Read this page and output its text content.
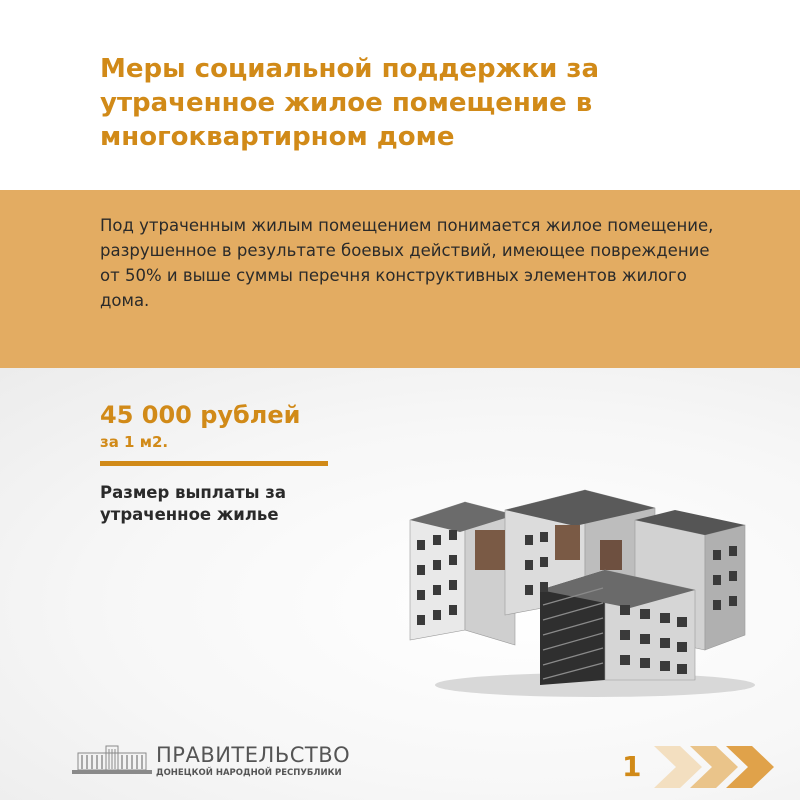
Меры социальной поддержки за утраченное жилое помещение в многоквартирном доме

Под утраченным жилым помещением понимается жилое помещение, разрушенное в результате боевых действий, имеющее повреждение от 50% и выше суммы перечня конструктивных элементов жилого дома.

45 000 рублей
за 1 м2.
Размер выплаты за утраченное жилье
ПРАВИТЕЛЬСТВО
ДОНЕЦКОЙ НАРОДНОЙ РЕСПУБЛИКИ	1
